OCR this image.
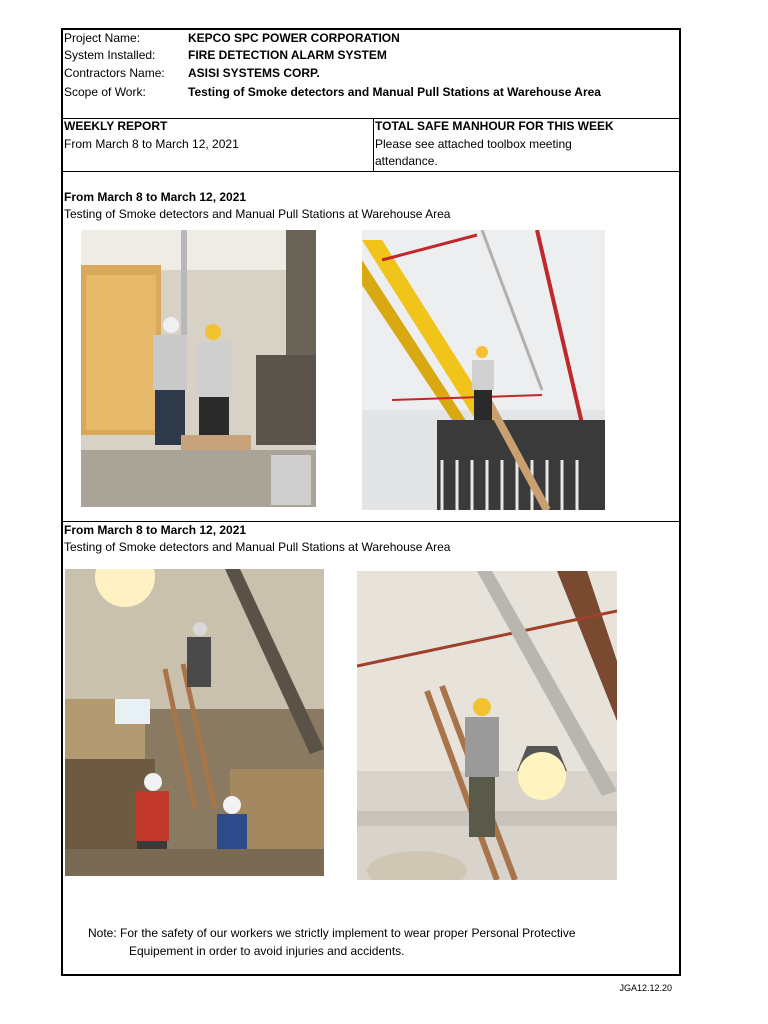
Project Name:	KEPCO SPC POWER CORPORATION
System Installed:	FIRE DETECTION ALARM SYSTEM
Contractors Name: ASISI SYSTEMS CORP.
Scope of Work:	Testing of Smoke detectors and Manual Pull Stations at Warehouse Area
WEEKLY REPORT
From March 8 to March 12, 2021
TOTAL SAFE MANHOUR FOR THIS WEEK
Please see attached toolbox meeting
attendance.
From March 8 to March 12, 2021
Testing of Smoke detectors and Manual Pull Stations at Warehouse Area
From March 8 to March 12, 2021
Testing of Smoke detectors and Manual Pull Stations at Warehouse Area
Note: For the safety of our workers we strictly implement to wear proper Personal Protective
Equipement in order to avoid injuries and accidents.
JGA12.12.20
